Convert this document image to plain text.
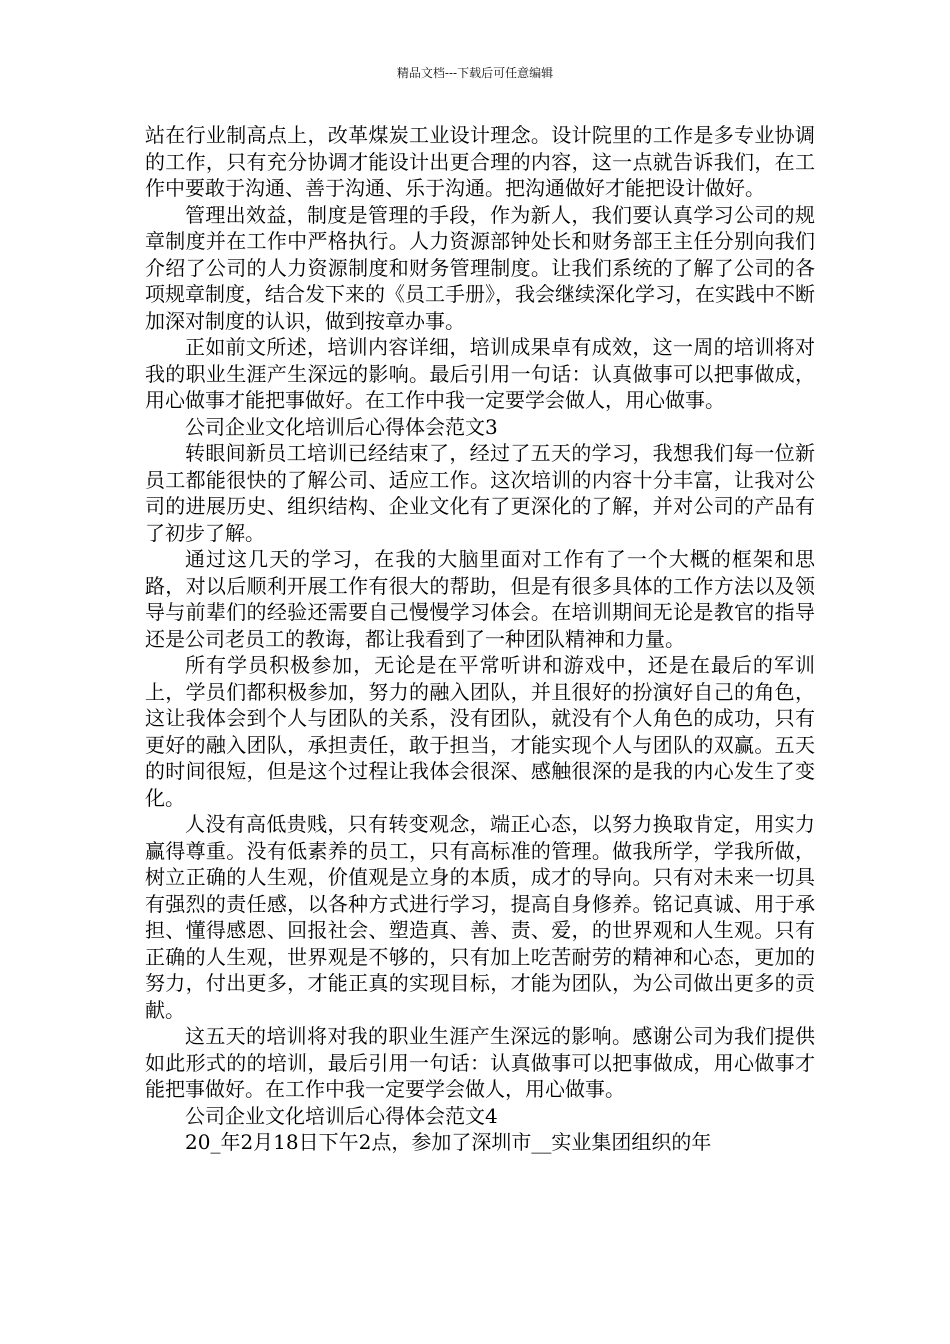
精品文档---下载后可任意编辑

站在行业制高点上，改革煤炭工业设计理念。设计院里的工作是多专业协调的工作，只有充分协调才能设计出更合理的内容，这一点就告诉我们，在工作中要敢于沟通、善于沟通、乐于沟通。把沟通做好才能把设计做好。

管理出效益，制度是管理的手段，作为新人，我们要认真学习公司的规章制度并在工作中严格执行。人力资源部钟处长和财务部王主任分别向我们介绍了公司的人力资源制度和财务管理制度。让我们系统的了解了公司的各项规章制度，结合发下来的《员工手册》，我会继续深化学习，在实践中不断加深对制度的认识，做到按章办事。

正如前文所述，培训内容详细，培训成果卓有成效，这一周的培训将对我的职业生涯产生深远的影响。最后引用一句话：认真做事可以把事做成，用心做事才能把事做好。在工作中我一定要学会做人，用心做事。

公司企业文化培训后心得体会范文3

转眼间新员工培训已经结束了，经过了五天的学习，我想我们每一位新员工都能很快的了解公司、适应工作。这次培训的内容十分丰富，让我对公司的进展历史、组织结构、企业文化有了更深化的了解，并对公司的产品有了初步了解。

通过这几天的学习，在我的大脑里面对工作有了一个大概的框架和思路，对以后顺利开展工作有很大的帮助，但是有很多具体的工作方法以及领导与前辈们的经验还需要自己慢慢学习体会。在培训期间无论是教官的指导还是公司老员工的教诲，都让我看到了一种团队精神和力量。

所有学员积极参加，无论是在平常听讲和游戏中，还是在最后的军训上，学员们都积极参加，努力的融入团队，并且很好的扮演好自己的角色，这让我体会到个人与团队的关系，没有团队，就没有个人角色的成功，只有更好的融入团队，承担责任，敢于担当，才能实现个人与团队的双赢。五天的时间很短，但是这个过程让我体会很深、感触很深的是我的内心发生了变化。

人没有高低贵贱，只有转变观念，端正心态，以努力换取肯定，用实力赢得尊重。没有低素养的员工，只有高标准的管理。做我所学，学我所做，树立正确的人生观，价值观是立身的本质，成才的导向。只有对未来一切具有强烈的责任感，以各种方式进行学习，提高自身修养。铭记真诚、用于承担、懂得感恩、回报社会、塑造真、善、责、爱，的世界观和人生观。只有正确的人生观，世界观是不够的，只有加上吃苦耐劳的精神和心态，更加的努力，付出更多，才能正真的实现目标，才能为团队，为公司做出更多的贡献。

这五天的培训将对我的职业生涯产生深远的影响。感谢公司为我们提供如此形式的的培训，最后引用一句话：认真做事可以把事做成，用心做事才能把事做好。在工作中我一定要学会做人，用心做事。

公司企业文化培训后心得体会范文4

20_年2月18日下午2点，参加了深圳市__实业集团组织的年
